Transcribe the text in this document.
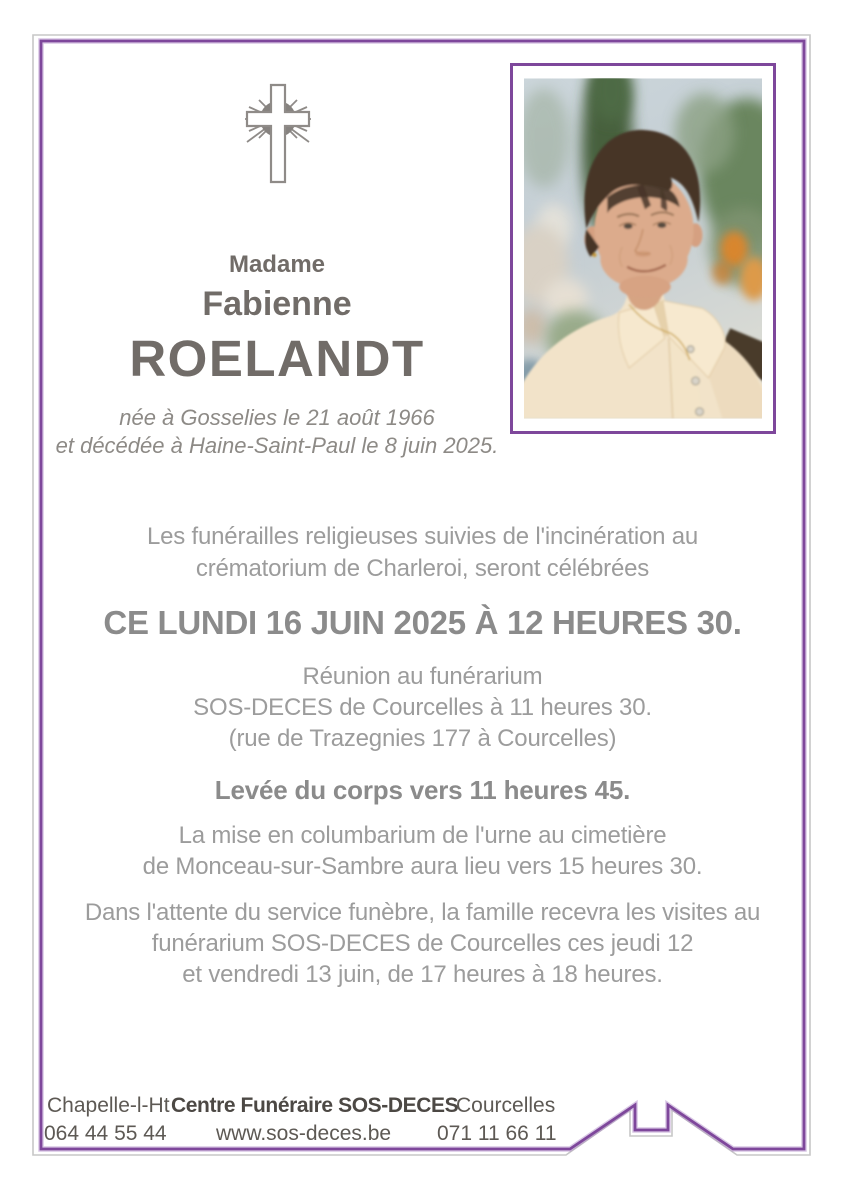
Madame
Fabienne
ROELANDT
née à Gosselies le 21 août 1966
et décédée à Haine-Saint-Paul le 8 juin 2025.
Les funérailles religieuses suivies de l'incinération au
crématorium de Charleroi, seront célébrées
CE LUNDI 16 JUIN 2025 À 12 HEURES 30.
Réunion au funérarium
SOS-DECES de Courcelles à 11 heures 30.
(rue de Trazegnies 177 à Courcelles)
Levée du corps vers 11 heures 45.
La mise en columbarium de l'urne au cimetière
de Monceau-sur-Sambre aura lieu vers 15 heures 30.
Dans l'attente du service funèbre, la famille recevra les visites au
funérarium SOS-DECES de Courcelles ces jeudi 12
et vendredi 13 juin, de 17 heures à 18 heures.
Chapelle-l-Ht Centre Funéraire SOS-DECES
Courcelles
064 44 55 44 www.sos-deces.be 071 11 66 11
